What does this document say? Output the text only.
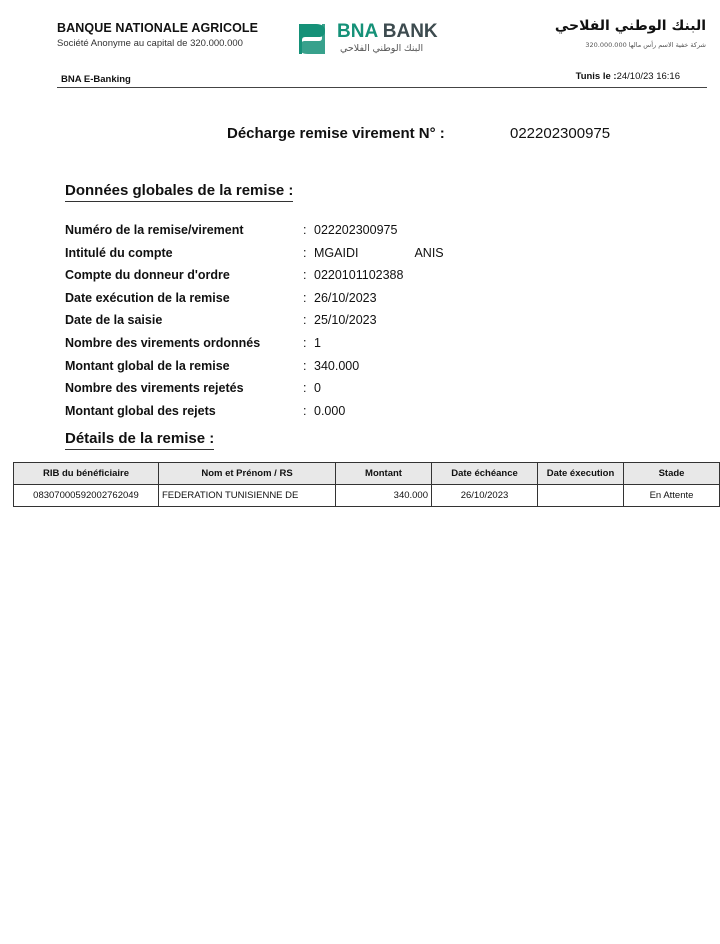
BANQUE NATIONALE AGRICOLE
Société Anonyme au capital de 320.000.000
BNA BANK
البنك الوطني الفلاحي
البنك الوطني الفلاحي
شركة خفية الاسم رأس مالها 320.000.000
BNA E-Banking	Tunis le :24/10/23 16:16
Décharge remise virement N° :	022202300975
Données globales de la remise :
Numéro de la remise/virement	: 022202300975
Intitulé du compte	: MGAIDI	ANIS
Compte du donneur d'ordre	: 0220101102388
Date exécution de la remise	: 26/10/2023
Date de la saisie	: 25/10/2023
Nombre des virements ordonnés	: 1
Montant global de la remise	: 340.000
Nombre des virements rejetés	: 0
Montant global des rejets	: 0.000
Détails de la remise :
RIB du bénéficiaire	Nom et Prénom / RS	Montant	Date échéance	Date éxecution	Stade
08307000592002762049	FEDERATION TUNISIENNE DE	340.000	26/10/2023		En Attente
